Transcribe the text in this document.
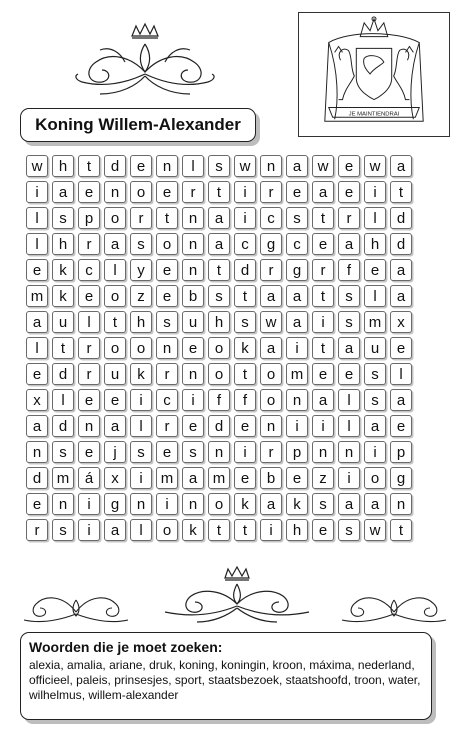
JE MAINTIENDRAI
Koning Willem-Alexander
w	h	t	d	e	n	l	s	w	n	a	w	e	w	a
i	a	e	n	o	e	r	t	i	r	e	a	e	i	t
l	s	p	o	r	t	n	a	i	c	s	t	r	l	d
l	h	r	a	s	o	n	a	c	g	c	e	a	h	d
e	k	c	l	y	e	n	t	d	r	g	r	f	e	a
m	k	e	o	z	e	b	s	t	a	a	t	s	l	a
a	u	l	t	h	s	u	h	s	w	a	i	s	m	x
l	t	r	o	o	n	e	o	k	a	i	t	a	u	e
e	d	r	u	k	r	n	o	t	o	m	e	e	s	l
x	l	e	e	i	c	i	f	f	o	n	a	l	s	a
a	d	n	a	l	r	e	d	e	n	i	i	l	a	e
n	s	e	j	s	e	s	n	i	r	p	n	n	i	p
d	m	á	x	i	m	a	m	e	b	e	z	i	o	g
e	n	i	g	n	i	n	o	k	a	k	s	a	a	n
r	s	i	a	l	o	k	t	t	i	h	e	s	w	t
Woorden die je moet zoeken:
alexia, amalia, ariane, druk, koning, koningin, kroon, máxima, nederland, officieel, paleis, prinsesjes, sport, staatsbezoek, staatshoofd, troon, water, wilhelmus, willem-alexander
